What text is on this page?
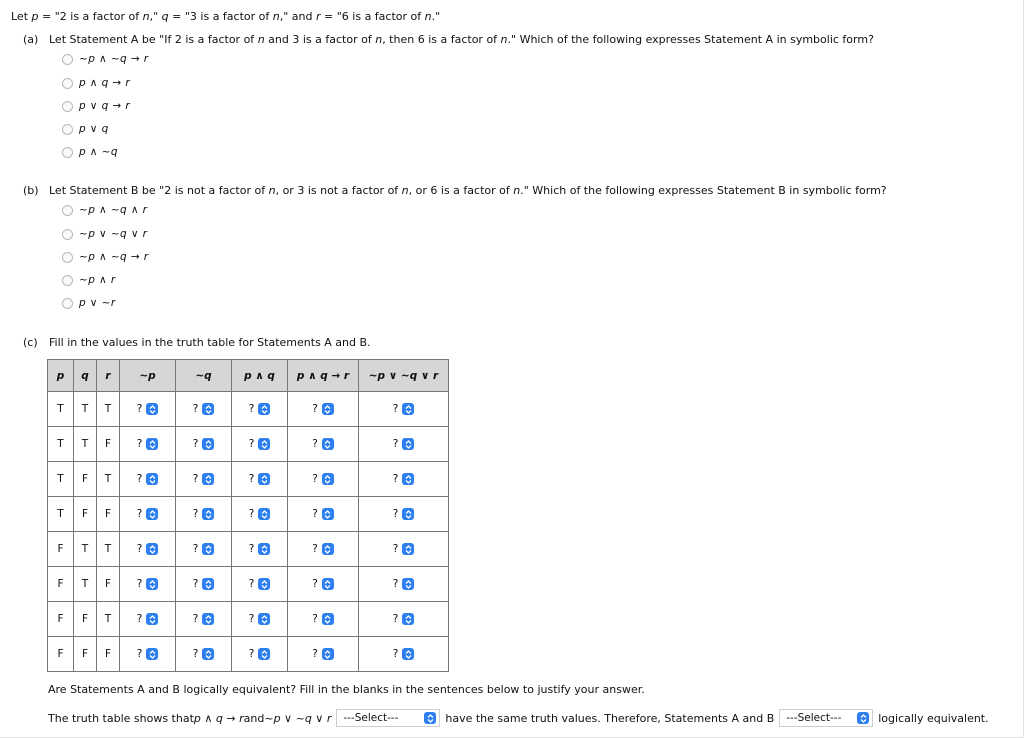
Let p = "2 is a factor of n," q = "3 is a factor of n," and r = "6 is a factor of n."
(a) Let Statement A be "If 2 is a factor of n and 3 is a factor of n, then 6 is a factor of n." Which of the following expresses Statement A in symbolic form?
~p ∧ ~q → r
p ∧ q → r
p ∨ q → r
p ∨ q
p ∧ ~q
(b) Let Statement B be "2 is not a factor of n, or 3 is not a factor of n, or 6 is a factor of n." Which of the following expresses Statement B in symbolic form?
~p ∧ ~q ∧ r
~p ∨ ~q ∨ r
~p ∧ ~q → r
~p ∧ r
p ∨ ~r
(c) Fill in the values in the truth table for Statements A and B.
p	q	r	~p	~q	p ∧ q	p ∧ q → r	~p ∨ ~q ∨ r
T	T	T	?	?	?	?	?

T	T	F	?	?	?	?	?

T	F	T	?	?	?	?	?

T	F	F	?	?	?	?	?

F	T	T	?	?	?	?	?

F	T	F	?	?	?	?	?

F	F	T	?	?	?	?	?

F	F	F	?	?	?	?	?
Are Statements A and B logically equivalent? Fill in the blanks in the sentences below to justify your answer.
The truth table shows that p ∧ q → r and ~p ∨ ~q ∨ r ---Select---	have the same truth values. Therefore, Statements A and B ---Select---	logically equivalent.
